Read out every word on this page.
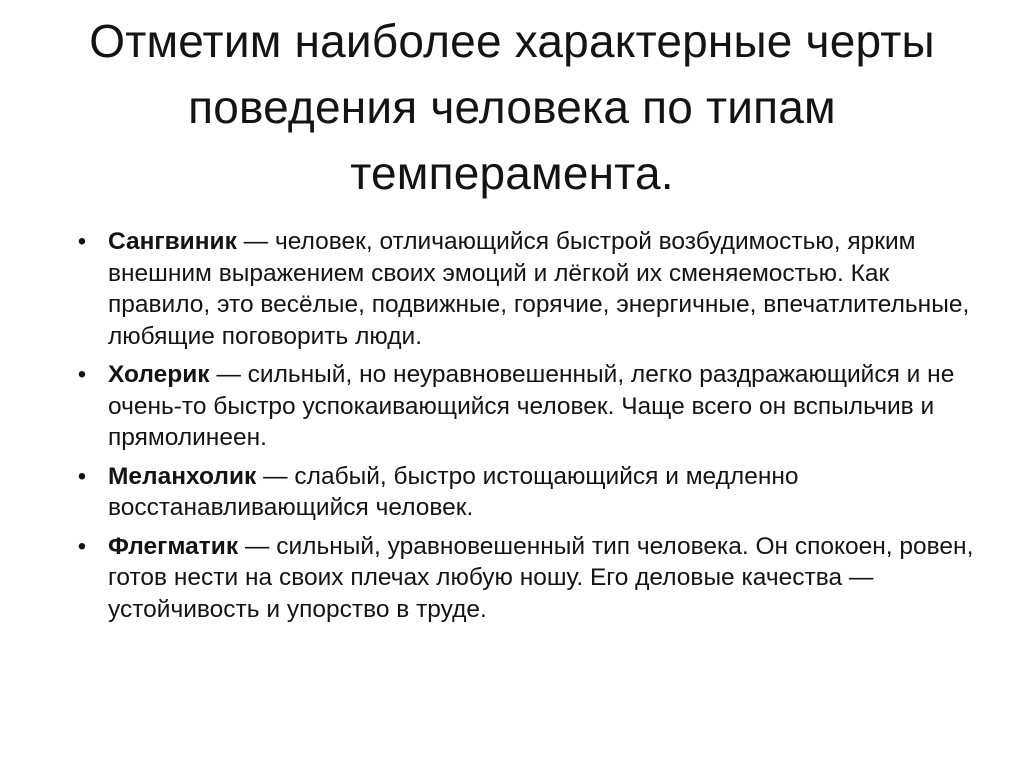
Отметим наиболее характерные черты поведения человека по типам темперамента.
• Сангвиник — человек, отличающийся быстрой возбудимостью, ярким внешним выражением своих эмоций и лёгкой их сменяемостью. Как правило, это весёлые, подвижные, горячие, энергичные, впечатлительные, любящие поговорить люди.
• Холерик — сильный, но неуравновешенный, легко раздражающийся и не очень-то быстро успокаивающийся человек. Чаще всего он вспыльчив и прямолинеен.
• Меланхолик — слабый, быстро истощающийся и медленно восстанавливающийся человек.
• Флегматик — сильный, уравновешенный тип человека. Он спокоен, ровен, готов нести на своих плечах любую ношу. Его деловые качества — устойчивость и упорство в труде.
